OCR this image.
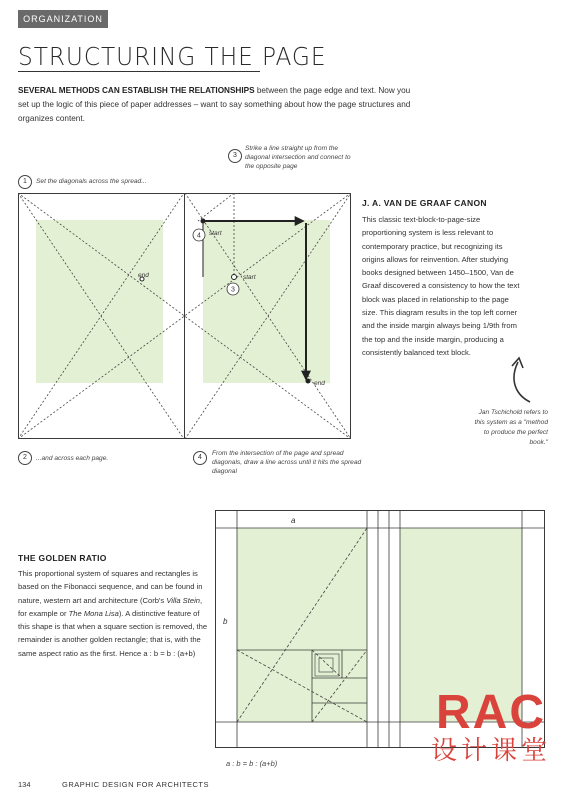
ORGANIZATION
STRUCTURING THE PAGE
SEVERAL METHODS CAN ESTABLISH THE RELATIONSHIPS between the page edge and text. Now you set up the logic of this piece of paper addresses – want to say something about how the page structures and organizes content.
1	Set the diagonals across the spread...
3
Strike a line straight up from the diagonal intersection and connect to the opposite page
2	...and across each page.	4
From the intersection of the page and spread diagonals, draw a line across until it hits the spread diagonal
end
start
start
end
4
3
J. A. VAN DE GRAAF CANON
This classic text-block-to-page-size proportioning system is less relevant to contemporary practice, but recognizing its origins allows for reinvention. After studying books designed between 1450–1500, Van de Graaf discovered a consistency to how the text block was placed in relationship to the page size. This diagram results in the top left corner and the inside margin always being 1/9th from the top and the inside margin, producing a consistently balanced text block.
Jan Tschichold refers to this system as a "method to produce the perfect book."
THE GOLDEN RATIO
This proportional system of squares and rectangles is based on the Fibonacci sequence, and can be found in nature, western art and architecture (Corb's Villa Stein, for example or The Mona Lisa). A distinctive feature of this shape is that when a square section is removed, the remainder is another golden rectangle; that is, with the same aspect ratio as the first. Hence a : b = b : (a+b)
a
b
a : b = b : (a+b)
RAC
设计课堂
134	GRAPHIC DESIGN FOR ARCHITECTS
